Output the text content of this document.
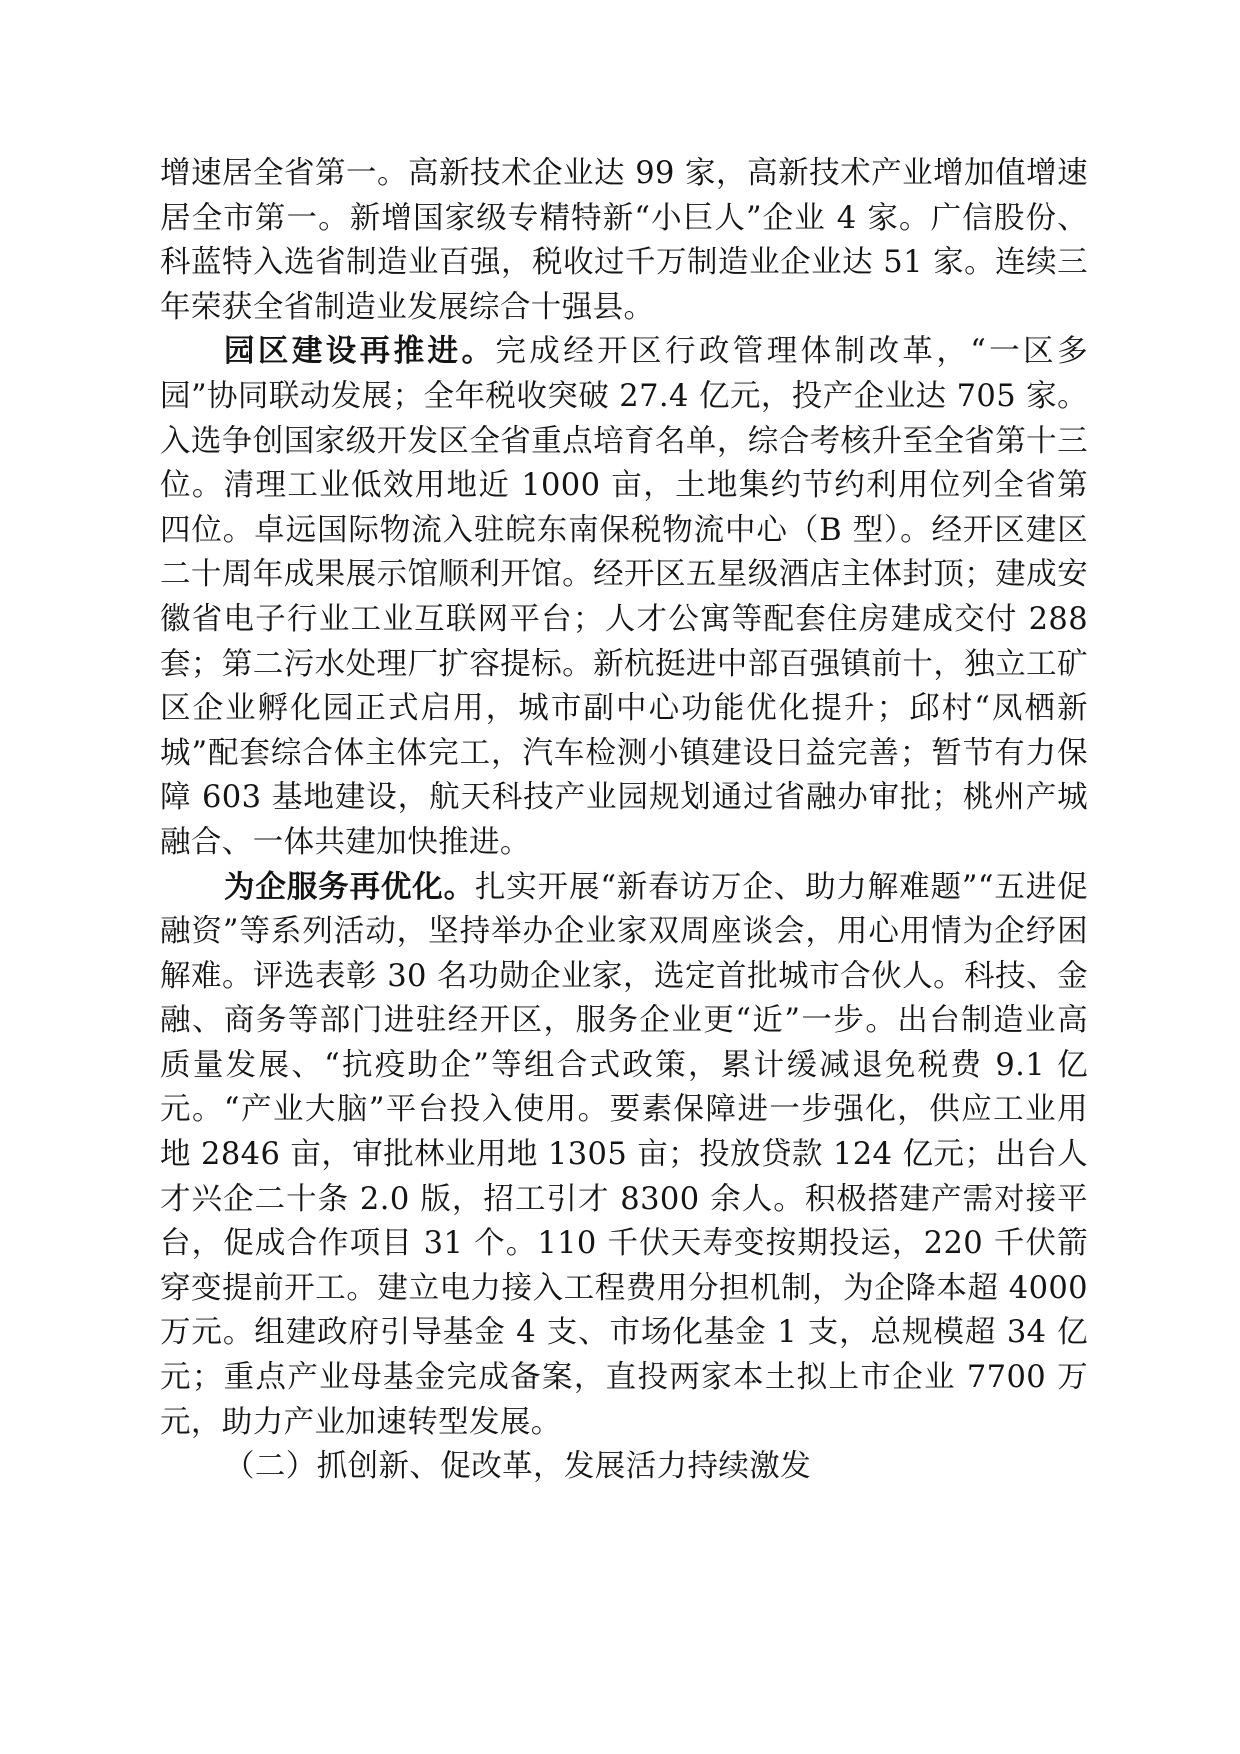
增速居全省第一。高新技术企业达 99 家，高新技术产业增加值增速居全市第一。新增国家级专精特新“小巨人”企业 4 家。广信股份、科蓝特入选省制造业百强，税收过千万制造业企业达 51 家。连续三年荣获全省制造业发展综合十强县。

园区建设再推进。完成经开区行政管理体制改革，“一区多园”协同联动发展；全年税收突破 27.4 亿元，投产企业达 705 家。入选争创国家级开发区全省重点培育名单，综合考核升至全省第十三位。清理工业低效用地近 1000 亩，土地集约节约利用位列全省第四位。卓远国际物流入驻皖东南保税物流中心（B 型）。经开区建区二十周年成果展示馆顺利开馆。经开区五星级酒店主体封顶；建成安徽省电子行业工业互联网平台；人才公寓等配套住房建成交付 288 套；第二污水处理厂扩容提标。新杭挺进中部百强镇前十，独立工矿区企业孵化园正式启用，城市副中心功能优化提升；邱村“凤栖新城”配套综合体主体完工，汽车检测小镇建设日益完善；暂节有力保障 603 基地建设，航天科技产业园规划通过省融办审批；桃州产城融合、一体共建加快推进。

为企服务再优化。扎实开展“新春访万企、助力解难题”“五进促融资”等系列活动，坚持举办企业家双周座谈会，用心用情为企纾困解难。评选表彰 30 名功勋企业家，选定首批城市合伙人。科技、金融、商务等部门进驻经开区，服务企业更“近”一步。出台制造业高质量发展、“抗疫助企”等组合式政策，累计缓减退免税费 9.1 亿元。“产业大脑”平台投入使用。要素保障进一步强化，供应工业用地 2846 亩，审批林业用地 1305 亩；投放贷款 124 亿元；出台人才兴企二十条 2.0 版，招工引才 8300 余人。积极搭建产需对接平台，促成合作项目 31 个。110 千伏天寿变按期投运，220 千伏箭穿变提前开工。建立电力接入工程费用分担机制，为企降本超 4000 万元。组建政府引导基金 4 支、市场化基金 1 支，总规模超 34 亿元；重点产业母基金完成备案，直投两家本土拟上市企业 7700 万元，助力产业加速转型发展。

（二）抓创新、促改革，发展活力持续激发
